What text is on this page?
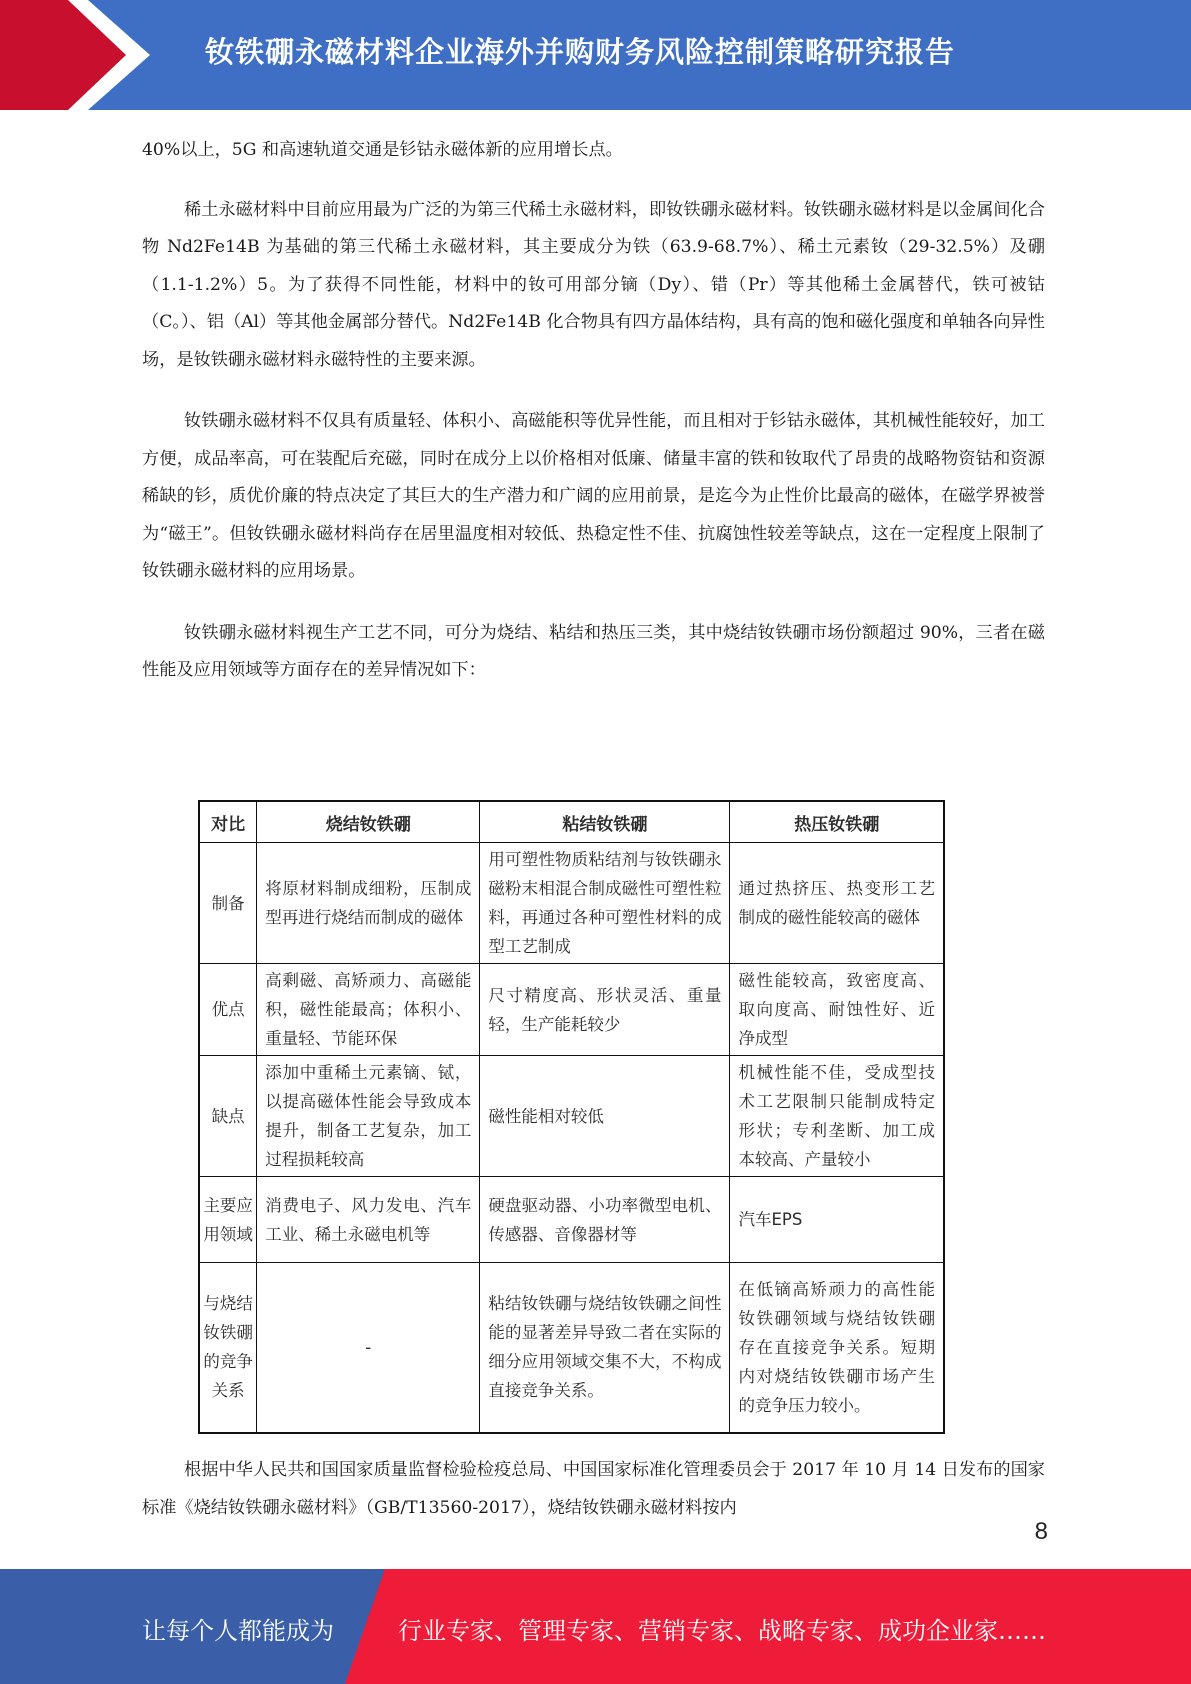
钕铁硼永磁材料企业海外并购财务风险控制策略研究报告

40%以上，5G 和高速轨道交通是钐钴永磁体新的应用增长点。

稀土永磁材料中目前应用最为广泛的为第三代稀土永磁材料，即钕铁硼永磁材料。钕铁硼永磁材料是以金属间化合物 Nd2Fe14B 为基础的第三代稀土永磁材料，其主要成分为铁（63.9-68.7%）、稀土元素钕（29-32.5%）及硼（1.1-1.2%）5。为了获得不同性能，材料中的钕可用部分镝（Dy）、错（Pr）等其他稀土金属替代，铁可被钴（C。）、铝（Al）等其他金属部分替代。Nd2Fe14B 化合物具有四方晶体结构，具有高的饱和磁化强度和单轴各向异性场，是钕铁硼永磁材料永磁特性的主要来源。

钕铁硼永磁材料不仅具有质量轻、体积小、高磁能积等优异性能，而且相对于钐钴永磁体，其机械性能较好，加工方便，成品率高，可在装配后充磁，同时在成分上以价格相对低廉、储量丰富的铁和钕取代了昂贵的战略物资钴和资源稀缺的钐，质优价廉的特点决定了其巨大的生产潜力和广阔的应用前景，是迄今为止性价比最高的磁体，在磁学界被誉为“磁王”。但钕铁硼永磁材料尚存在居里温度相对较低、热稳定性不佳、抗腐蚀性较差等缺点，这在一定程度上限制了钕铁硼永磁材料的应用场景。

钕铁硼永磁材料视生产工艺不同，可分为烧结、粘结和热压三类，其中烧结钕铁硼市场份额超过 90%，三者在磁性能及应用领域等方面存在的差异情况如下：

对比	烧结钕铁硼	粘结钕铁硼	热压钕铁硼
制备	将原材料制成细粉，压制成型再进行烧结而制成的磁体	用可塑性物质粘结剂与钕铁硼永磁粉末相混合制成磁性可塑性粒料，再通过各种可塑性材料的成型工艺制成	通过热挤压、热变形工艺制成的磁性能较高的磁体
优点	高剩磁、高矫顽力、高磁能积，磁性能最高；体积小、重量轻、节能环保	尺寸精度高、形状灵活、重量轻，生产能耗较少	磁性能较高，致密度高、取向度高、耐蚀性好、近净成型
缺点	添加中重稀土元素镝、铽，以提高磁体性能会导致成本提升，制备工艺复杂，加工过程损耗较高	磁性能相对较低	机械性能不佳，受成型技术工艺限制只能制成特定形状；专利垄断、加工成本较高、产量较小
主要应用领域	消费电子、风力发电、汽车工业、稀土永磁电机等	硬盘驱动器、小功率微型电机、传感器、音像器材等	汽车EPS
与烧结钕铁硼的竞争关系	-	粘结钕铁硼与烧结钕铁硼之间性能的显著差异导致二者在实际的细分应用领域交集不大，不构成直接竞争关系。	在低镝高矫顽力的高性能钕铁硼领域与烧结钕铁硼存在直接竞争关系。短期内对烧结钕铁硼市场产生的竞争压力较小。

根据中华人民共和国国家质量监督检验检疫总局、中国国家标准化管理委员会于 2017 年 10 月 14 日发布的国家标准《烧结钕铁硼永磁材料》（GB/T13560-2017），烧结钕铁硼永磁材料按内

8
让每个人都能成为	行业专家、管理专家、营销专家、战略专家、成功企业家……
